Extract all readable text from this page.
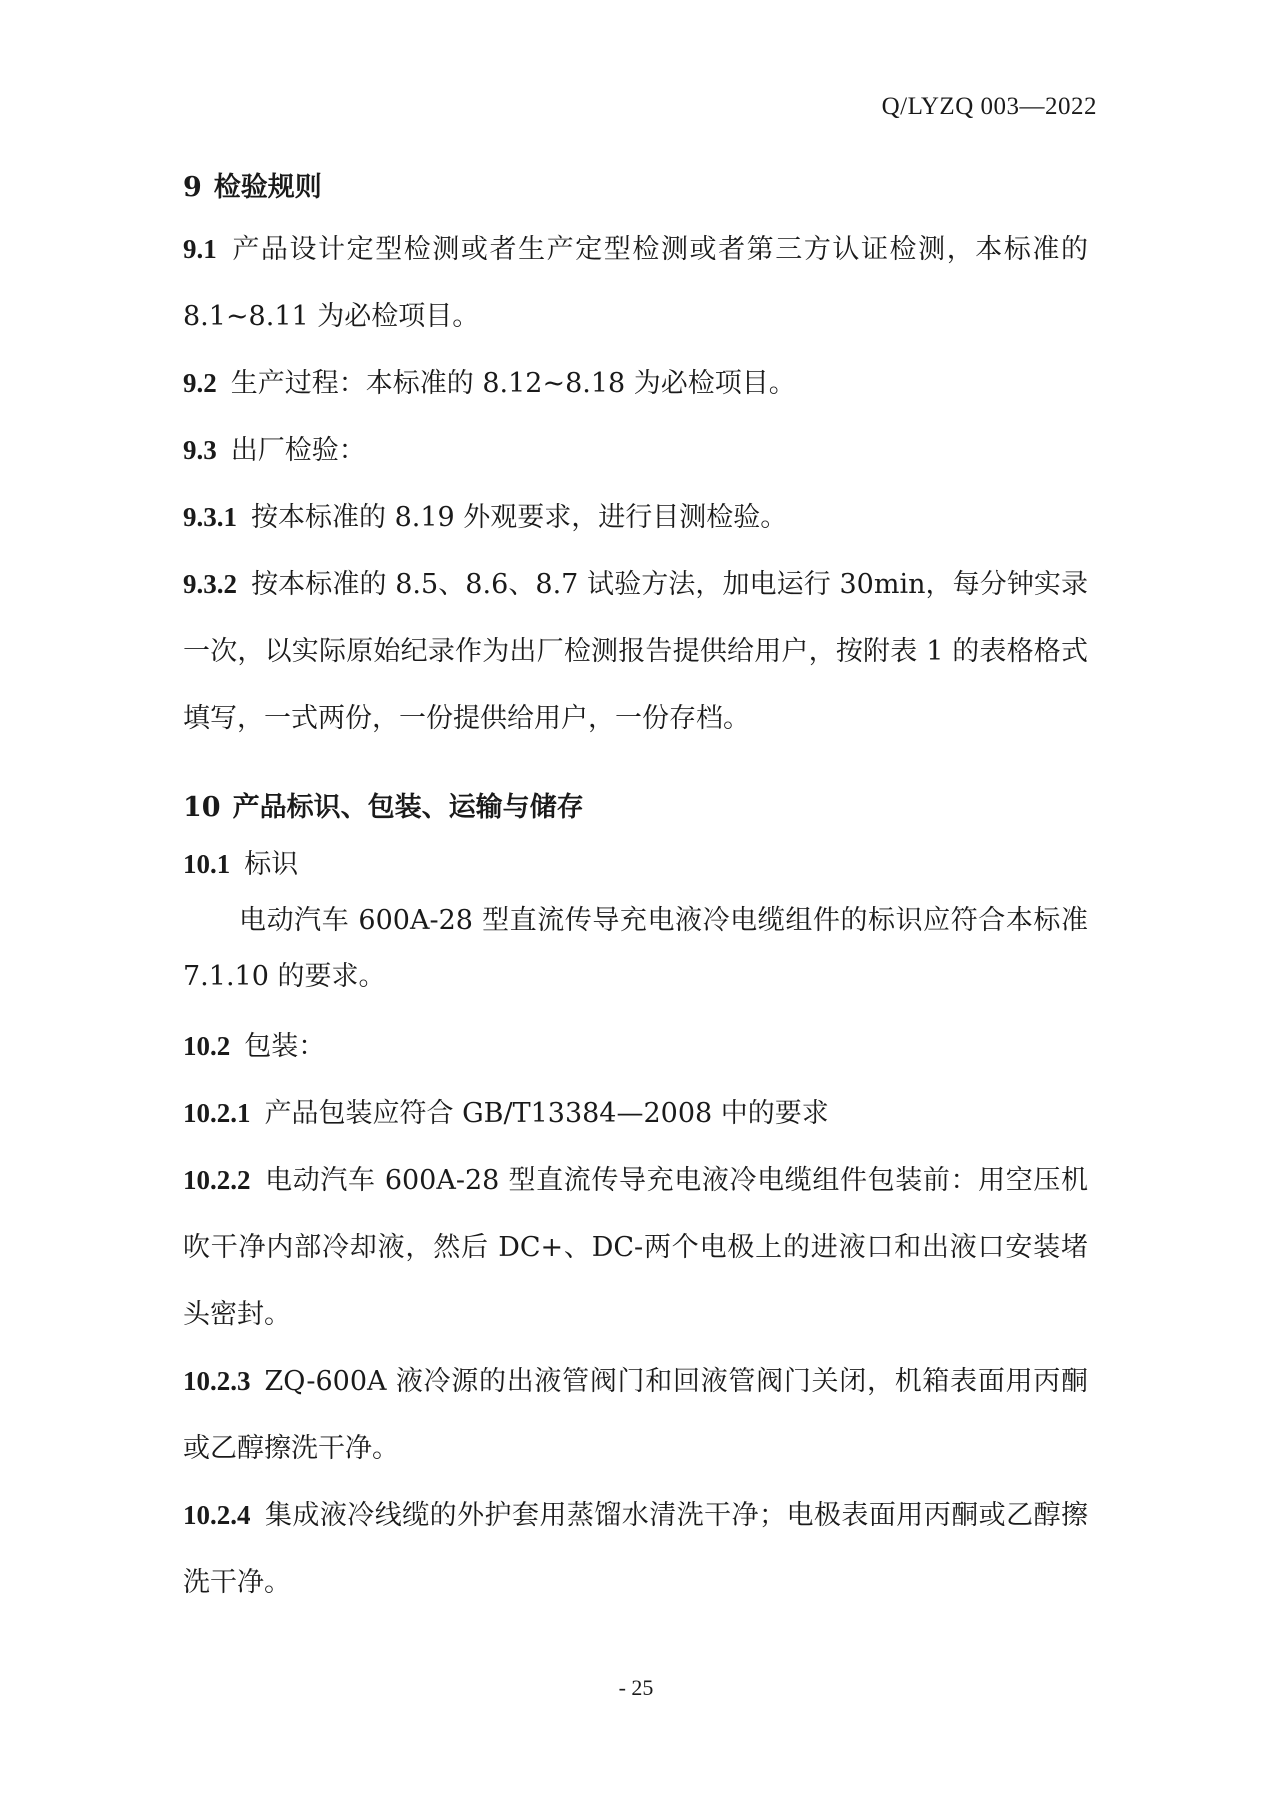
Q/LYZQ 003—2022
9 检验规则

9.1 产品设计定型检测或者生产定型检测或者第三方认证检测，本标准的 8.1~8.11 为必检项目。

9.2 生产过程：本标准的 8.12~8.18 为必检项目。

9.3 出厂检验：

9.3.1 按本标准的 8.19 外观要求，进行目测检验。

9.3.2 按本标准的 8.5、8.6、8.7 试验方法，加电运行 30min，每分钟实录一次，以实际原始纪录作为出厂检测报告提供给用户，按附表 1 的表格格式填写，一式两份，一份提供给用户，一份存档。

10 产品标识、包装、运输与储存

10.1 标识

电动汽车 600A-28 型直流传导充电液冷电缆组件的标识应符合本标准 7.1.10 的要求。

10.2 包装：

10.2.1 产品包装应符合 GB/T13384—2008 中的要求

10.2.2 电动汽车 600A-28 型直流传导充电液冷电缆组件包装前：用空压机吹干净内部冷却液，然后 DC+、DC-两个电极上的进液口和出液口安装堵头密封。

10.2.3 ZQ-600A 液冷源的出液管阀门和回液管阀门关闭，机箱表面用丙酮或乙醇擦洗干净。

10.2.4 集成液冷线缆的外护套用蒸馏水清洗干净；电极表面用丙酮或乙醇擦洗干净。

- 25
